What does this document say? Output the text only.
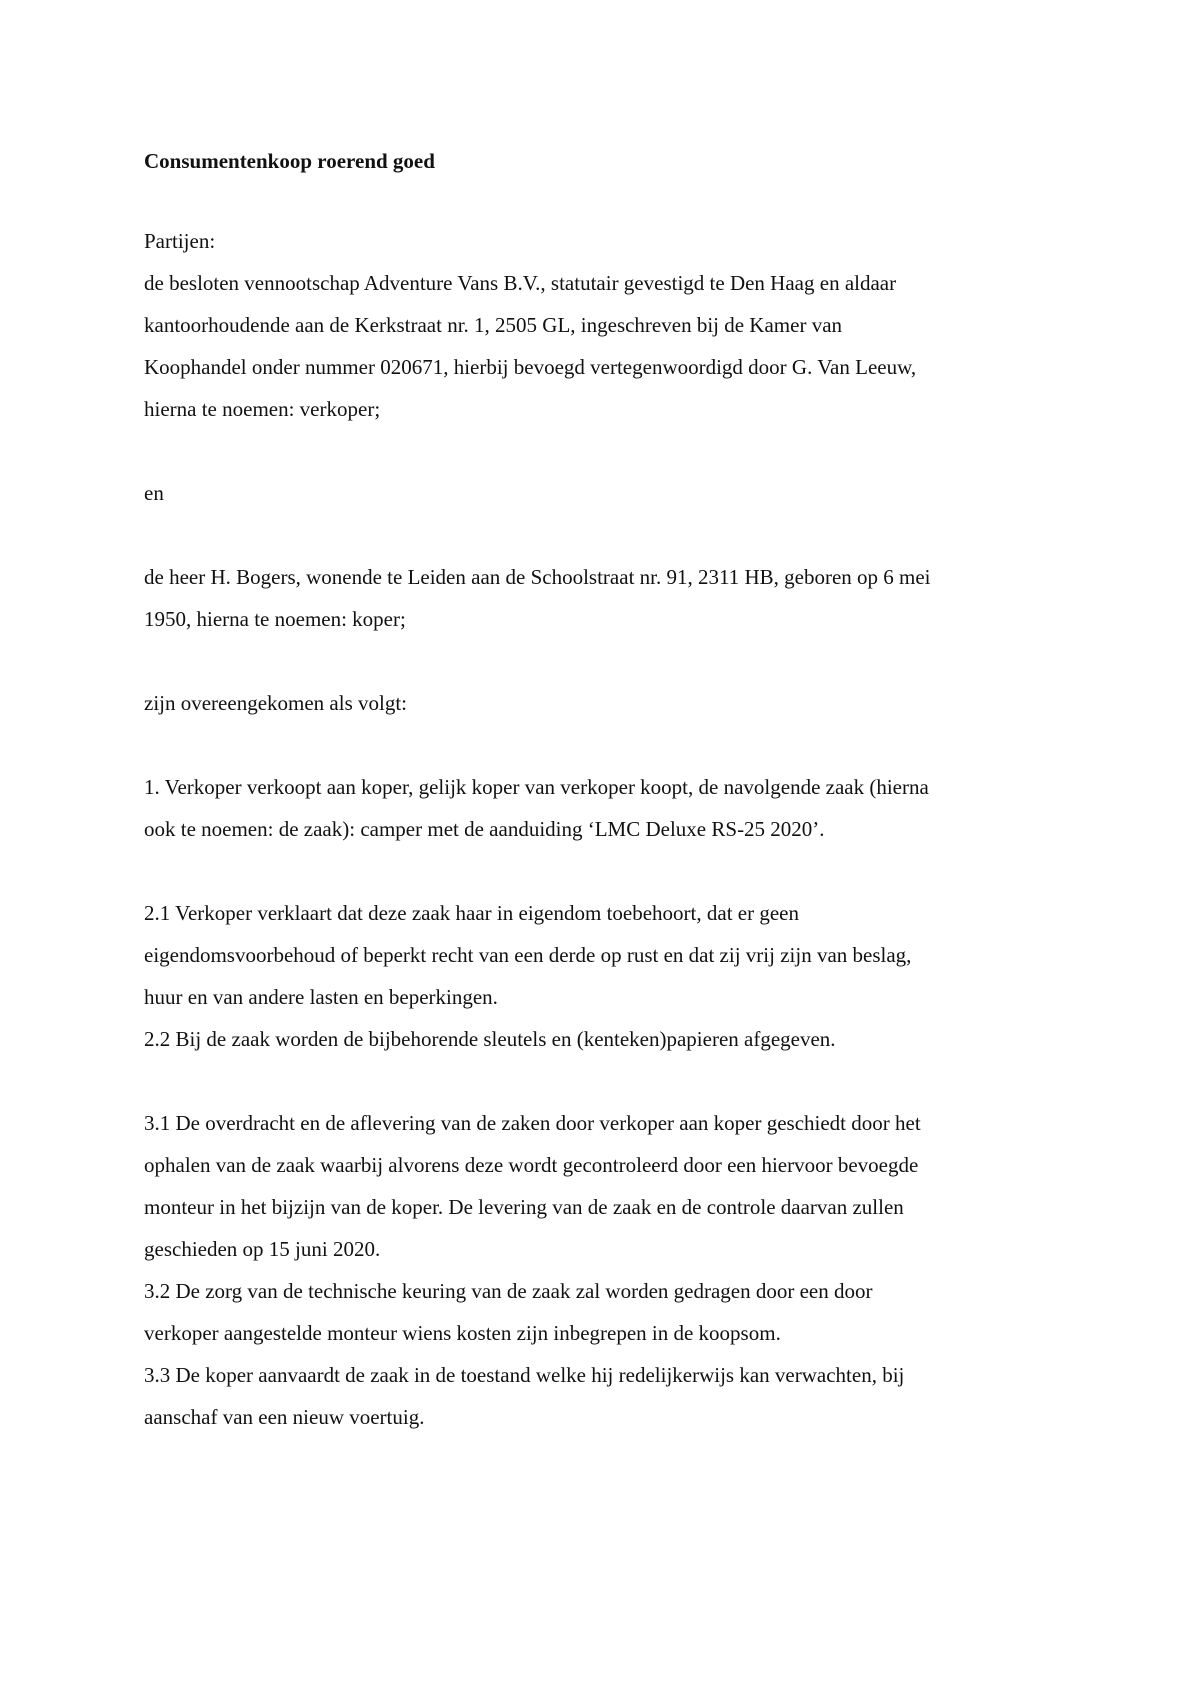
Consumentenkoop roerend goed

Partijen:

de besloten vennootschap Adventure Vans B.V., statutair gevestigd te Den Haag en aldaar
kantoorhoudende aan de Kerkstraat nr. 1, 2505 GL, ingeschreven bij de Kamer van
Koophandel onder nummer 020671, hierbij bevoegd vertegenwoordigd door G. Van Leeuw,
hierna te noemen: verkoper;

en

de heer H. Bogers, wonende te Leiden aan de Schoolstraat nr. 91, 2311 HB, geboren op 6 mei
1950, hierna te noemen: koper;

zijn overeengekomen als volgt:

1. Verkoper verkoopt aan koper, gelijk koper van verkoper koopt, de navolgende zaak (hierna
ook te noemen: de zaak): camper met de aanduiding ‘LMC Deluxe RS-25 2020’.
2.1 Verkoper verklaart dat deze zaak haar in eigendom toebehoort, dat er geen
eigendomsvoorbehoud of beperkt recht van een derde op rust en dat zij vrij zijn van beslag,
huur en van andere lasten en beperkingen.
2.2 Bij de zaak worden de bijbehorende sleutels en (kenteken)papieren afgegeven.
3.1 De overdracht en de aflevering van de zaken door verkoper aan koper geschiedt door het
ophalen van de zaak waarbij alvorens deze wordt gecontroleerd door een hiervoor bevoegde
monteur in het bijzijn van de koper. De levering van de zaak en de controle daarvan zullen
geschieden op 15 juni 2020.
3.2 De zorg van de technische keuring van de zaak zal worden gedragen door een door
verkoper aangestelde monteur wiens kosten zijn inbegrepen in de koopsom.
3.3 De koper aanvaardt de zaak in de toestand welke hij redelijkerwijs kan verwachten, bij
aanschaf van een nieuw voertuig.
